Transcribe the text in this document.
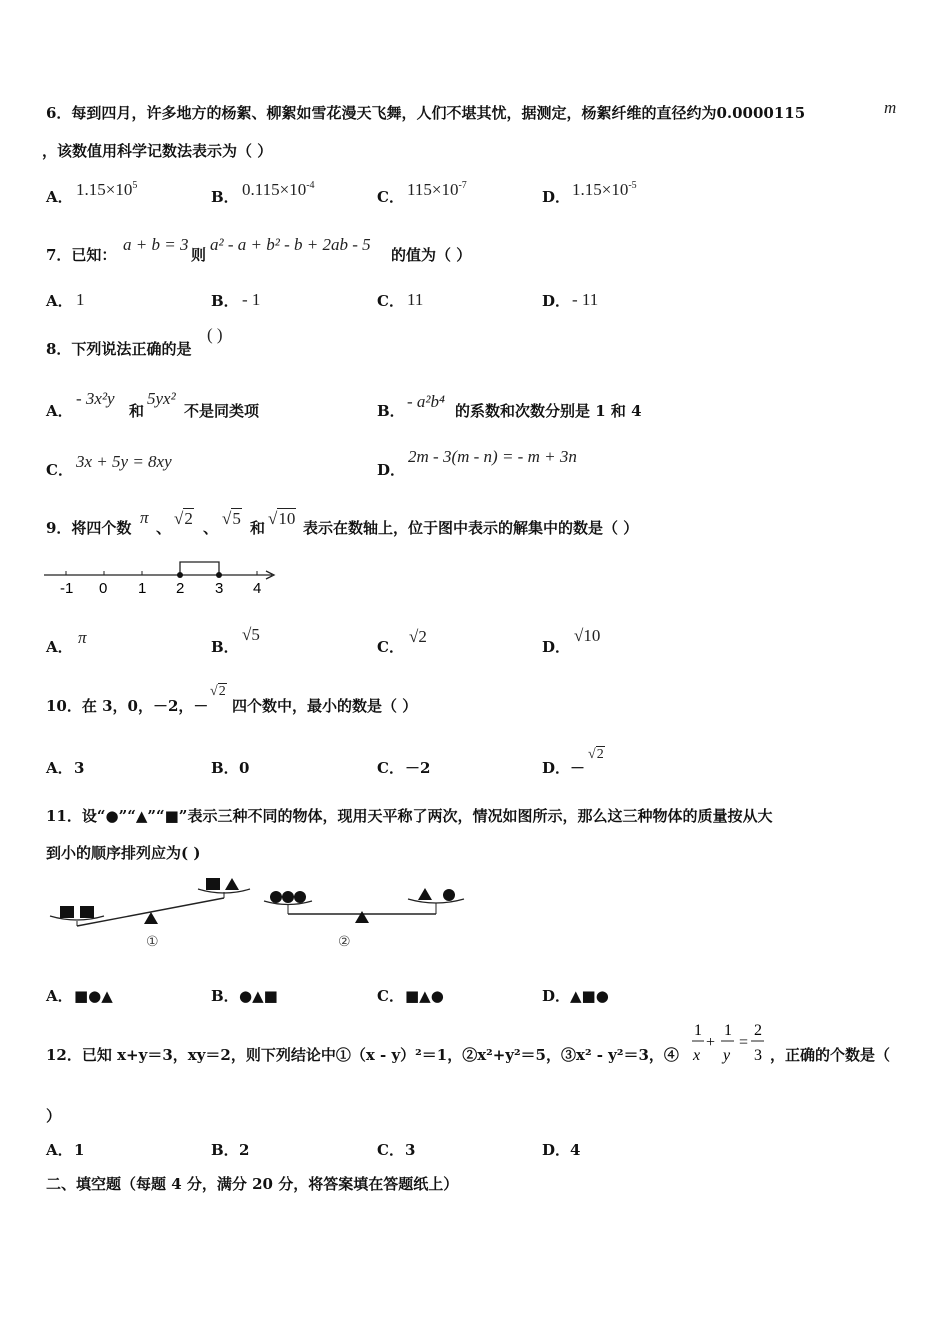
6．每到四月，许多地方的杨絮、柳絮如雪花漫天飞舞，人们不堪其忧，据测定，杨絮纤维的直径约为0.0000115	m
，该数值用科学记数法表示为（ ）
A． $1.15\times 10^5$
B． $0.115\times 10^{-4}$
C． $115\times 10^{-7}$
D． $1.15\times 10^{-5}$
7．已知：
a + b = 3
则
a² - a + b² - b + 2ab - 5
的值为（ ）
A． 1	B． - 1	C． 11	D． - 11
8．下列说法正确的是
( )
A．
- 3x²y
和
5yx²
不是同类项	B． - a²b⁴ 的系数和次数分别是 1 和 4
C． 3x + 5y = 8xy	D．
2m - 3(m - n) = - m + 3n
9．将四个数
π
、 √2 、 √5 和 √10 表示在数轴上，位于图中表示的解集中的数是（ ）
-1 0 1 2 3 4
A． π	B．
√5
C．
√2
D．
√10
10．在 3，0，－2，－
√2
四个数中，最小的数是（ ）
A． 3	B． 0	C． －2	D． －
√2
11．设“●”“▲”“■”表示三种不同的物体，现用天平称了两次，情况如图所示，那么这三种物体的质量按从大
到小的顺序排列应为( )
①	②
A． ■●▲	B． ●▲■	C． ■▲●	D． ▲■●
12．已知 x+y＝3，xy＝2，则下列结论中①（x - y）²＝1，②x²+y²＝5，③x² - y²＝3，④
1
x
+
1
y
=
2
3 ，正确的个数是（
）
A． 1	B． 2	C． 3	D． 4
二、填空题（每题 4 分，满分 20 分，将答案填在答题纸上）
